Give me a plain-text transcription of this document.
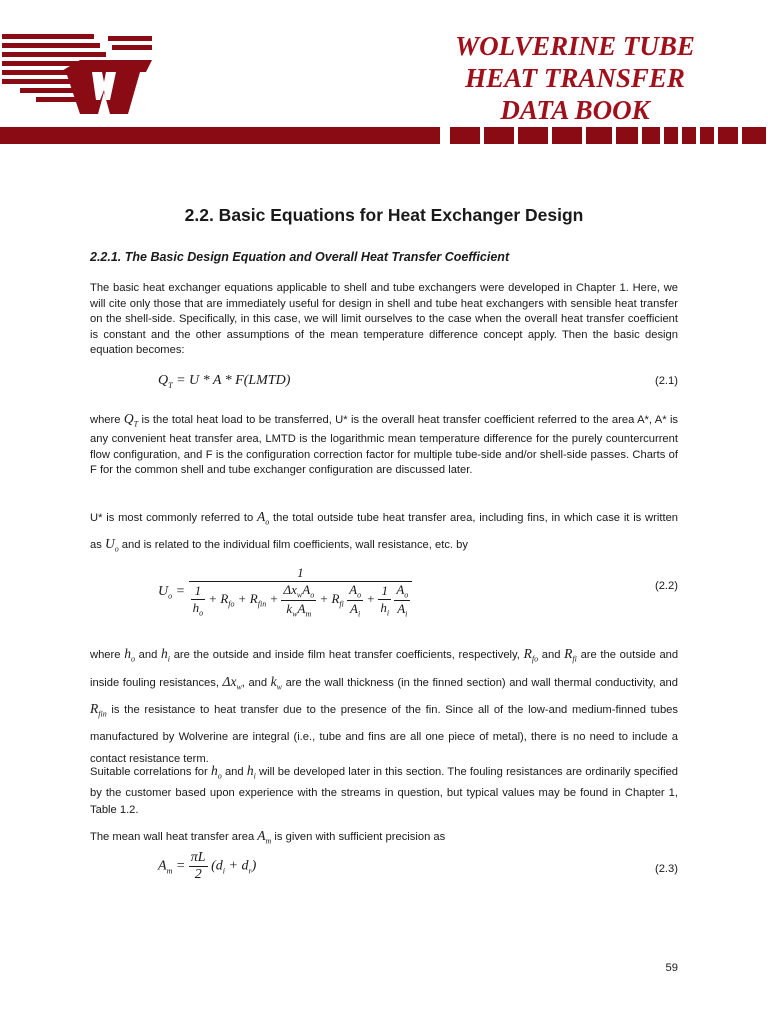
WOLVERINE TUBE
HEAT TRANSFER
DATA BOOK
2.2. Basic Equations for Heat Exchanger Design
2.2.1. The Basic Design Equation and Overall Heat Transfer Coefficient
The basic heat exchanger equations applicable to shell and tube exchangers were developed in Chapter 1. Here, we will cite only those that are immediately useful for design in shell and tube heat exchangers with sensible heat transfer on the shell-side. Specifically, in this case, we will limit ourselves to the case when the overall heat transfer coefficient is constant and the other assumptions of the mean temperature difference concept apply. Then the basic design equation becomes:
$Q_T = U * A$ * F(LMTD)	(2.1)
where $Q_T$ is the total heat load to be transferred, U* is the overall heat transfer coefficient referred to the area A*, A* is any convenient heat transfer area, LMTD is the logarithmic mean temperature difference for the purely countercurrent flow configuration, and F is the configuration correction factor for multiple tube-side and/or shell-side passes. Charts of F for the common shell and tube exchanger configuration are discussed later.
U* is most commonly referred to $A_o$ the total outside tube heat transfer area, including fins, in which case it is written as $U_o$ and is related to the individual film coefficients, wall resistance, etc. by
$U_o$ =
1
$\frac{1}{h_o} + R_{fo} + R_{fin} + \frac{\Delta x_wA_o}{k_wA_m} + R_{fi} \frac{A_o}{A_i} + \frac{1}{h_i}$
$\frac{A_o}{A_i}$	(2.2)
where $h_o$ and $h_i$ are the outside and inside film heat transfer coefficients, respectively, $R_{fo}$ and $R_{fi}$ are the outside and inside fouling resistances, $\Delta x_w$, and $k_w$ are the wall thickness (in the finned section) and wall thermal conductivity, and $R_{fin}$ is the resistance to heat transfer due to the presence of the fin. Since all of the low-and medium-finned tubes manufactured by Wolverine are integral (i.e., tube and fins are all one piece of metal), there is no need to include a contact resistance term.
Suitable correlations for $h_o$ and $h_i$ will be developed later in this section. The fouling resistances are ordinarily specified by the customer based upon experience with the streams in question, but typical values may be found in Chapter 1, Table 1.2.
The mean wall heat transfer area $A_m$ is given with sufficient precision as
$A_m = \frac{\pi L}{2} (d_i + d_r)$	(2.3)
59
